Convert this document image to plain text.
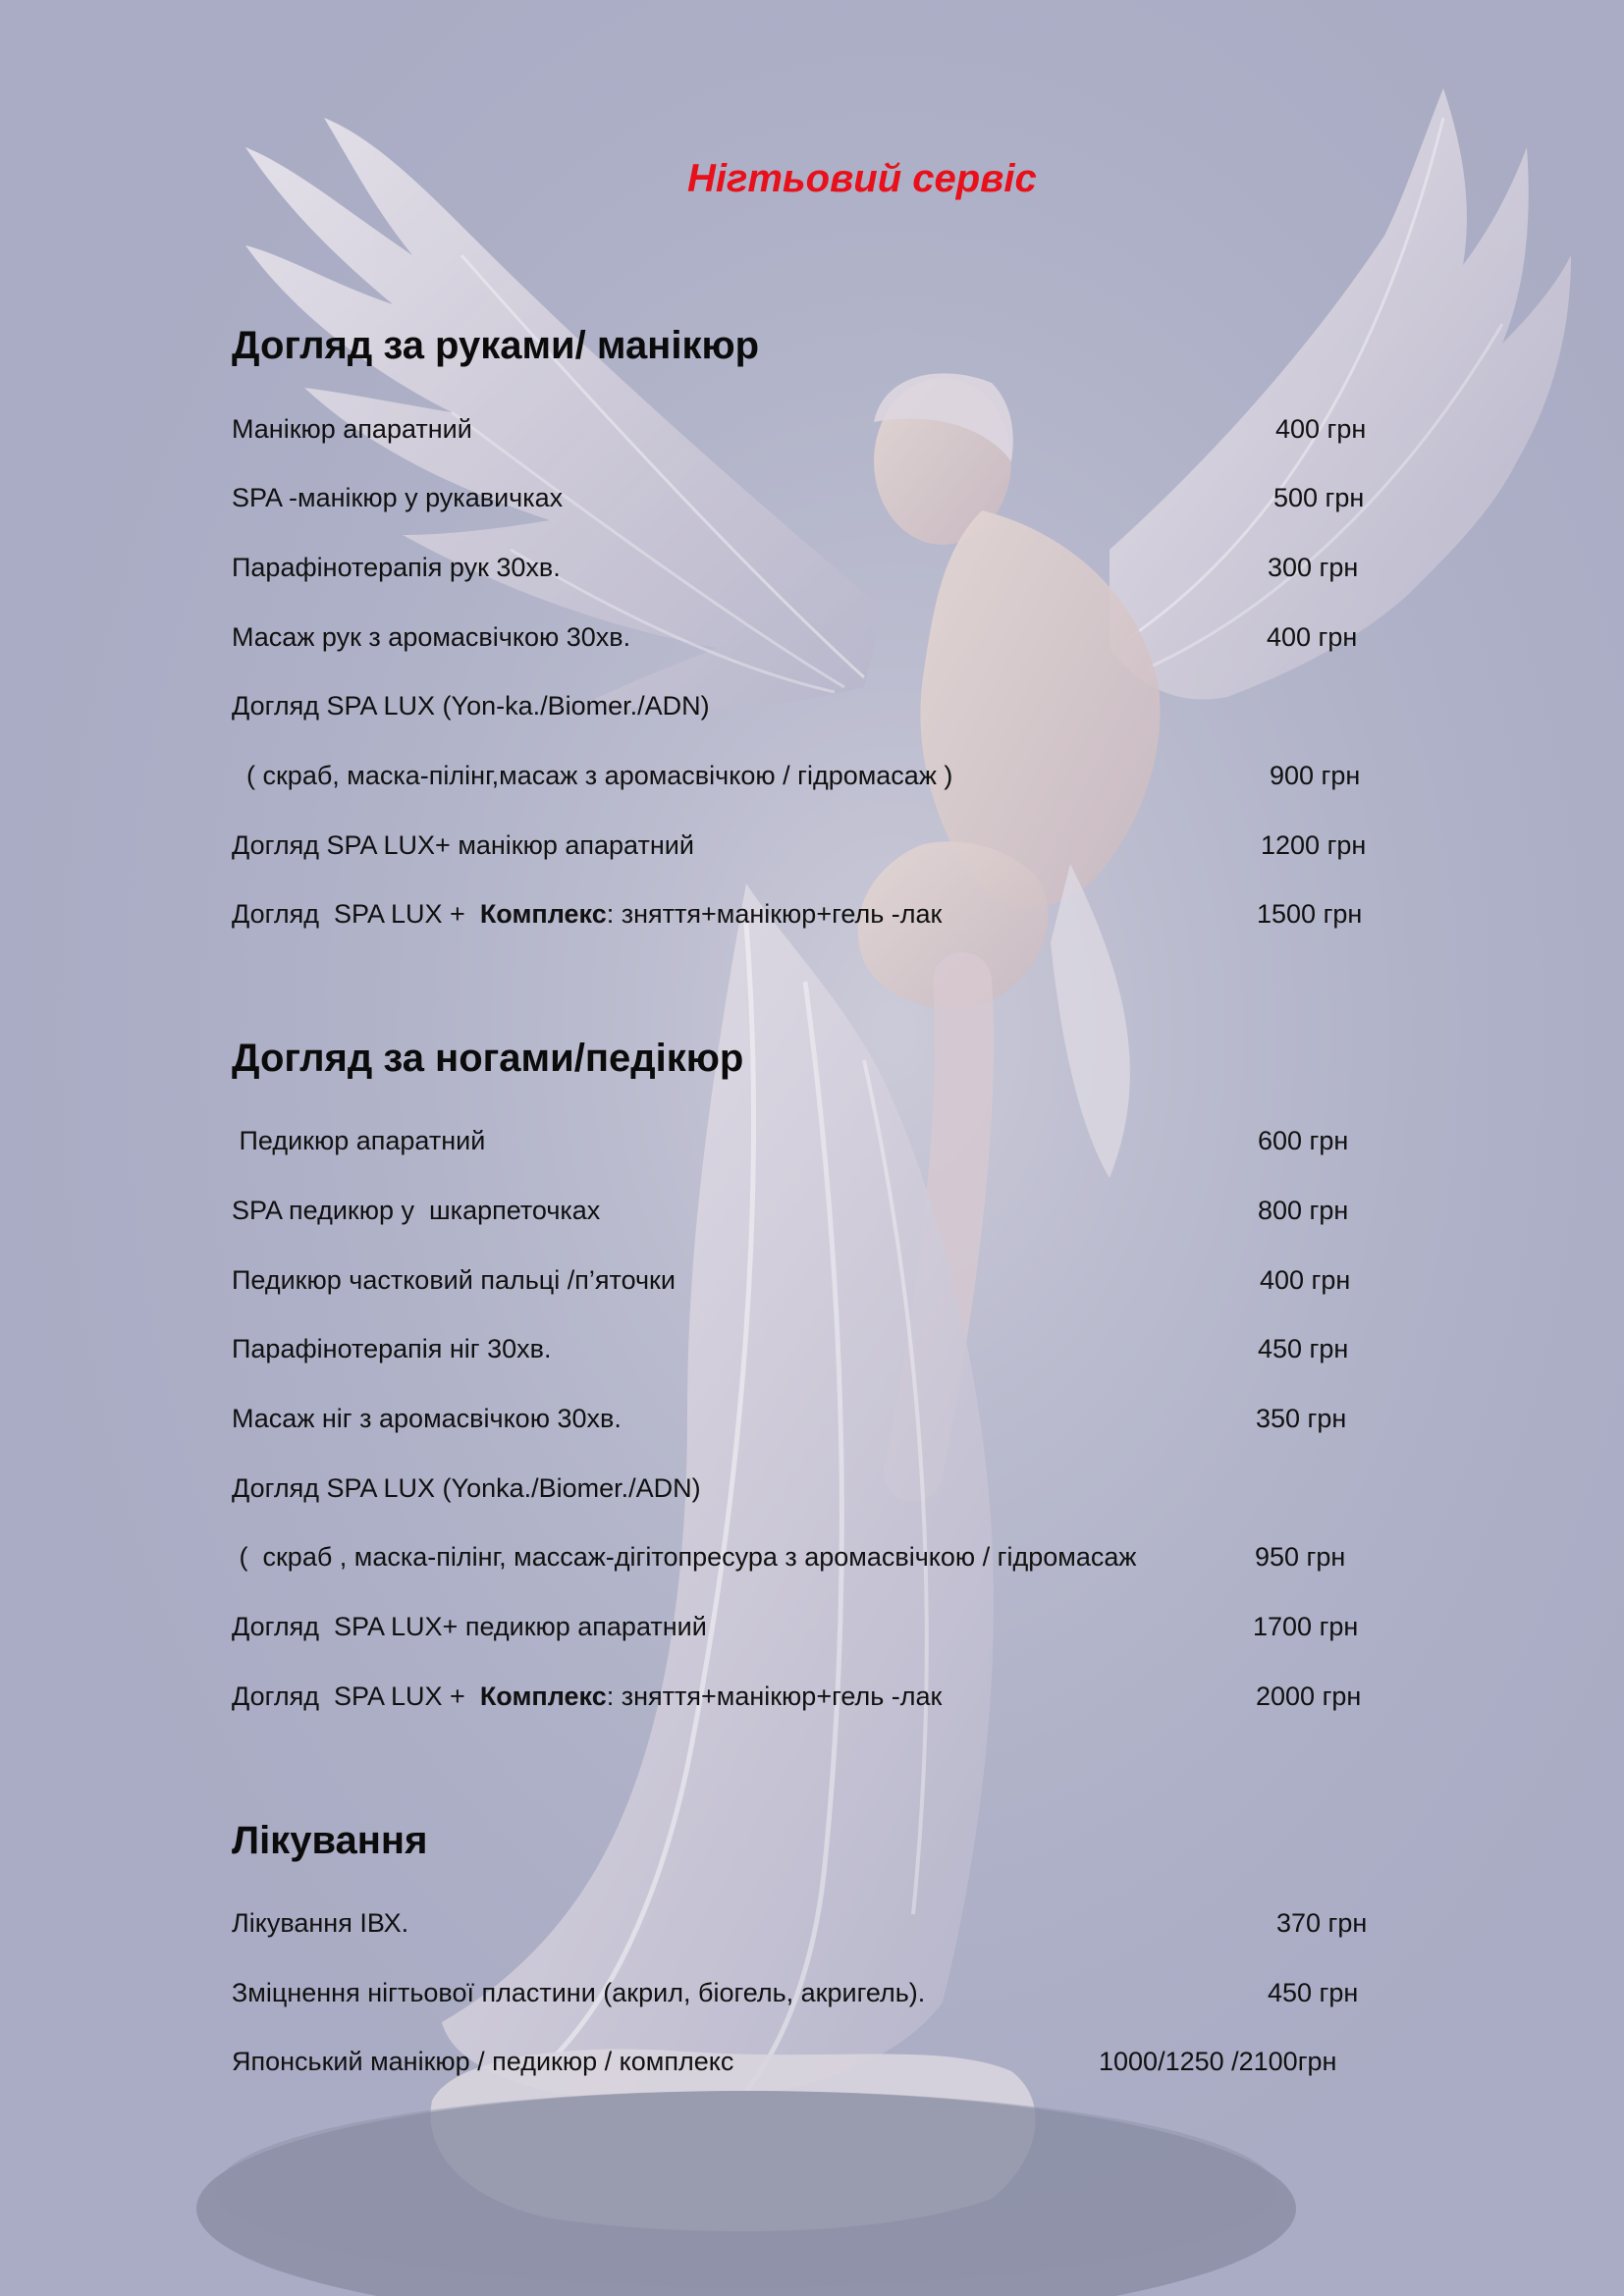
Нігтьовий сервіс
Догляд за руками/ манікюр
Манікюр апаратний	400 грн
SPA -манікюр у рукавичках	500 грн
Парафінотерапія рук 30хв.	300 грн
Масаж рук з аромасвічкою 30хв.	400 грн
Догляд SPA LUX (Yon-ka./Biomer./ADN)
( скраб, маска-пілінг,масаж з аромасвічкою / гідромасаж )	900 грн
Догляд SPA LUX+ манікюр апаратний	1200 грн
Догляд  SPA LUX +  Комплекс: зняття+манікюр+гель -лак	1500 грн
Догляд за ногами/педікюр
Педикюр апаратний	600 грн
SPA педикюр у  шкарпеточках	800 грн
Педикюр частковий пальці /п’яточки	400 грн
Парафінотерапія ніг 30хв.	450 грн
Масаж ніг з аромасвічкою 30хв.	350 грн
Догляд SPA LUX (Yonka./Biomer./ADN)
(  скраб , маска-пілінг, массаж-дігітопресура з аромасвічкою / гідромасаж	950 грн
Догляд  SPA LUX+ педикюр апаратний	1700 грн
Догляд  SPA LUX +  Комплекс: зняття+манікюр+гель -лак	2000 грн
Лікування
Лікування ІВХ.	370 грн
Зміцнення нігтьової пластини (акрил, біогель, акригель).	450 грн
Японський манікюр / педикюр / комплекс	1000/1250 /2100грн
